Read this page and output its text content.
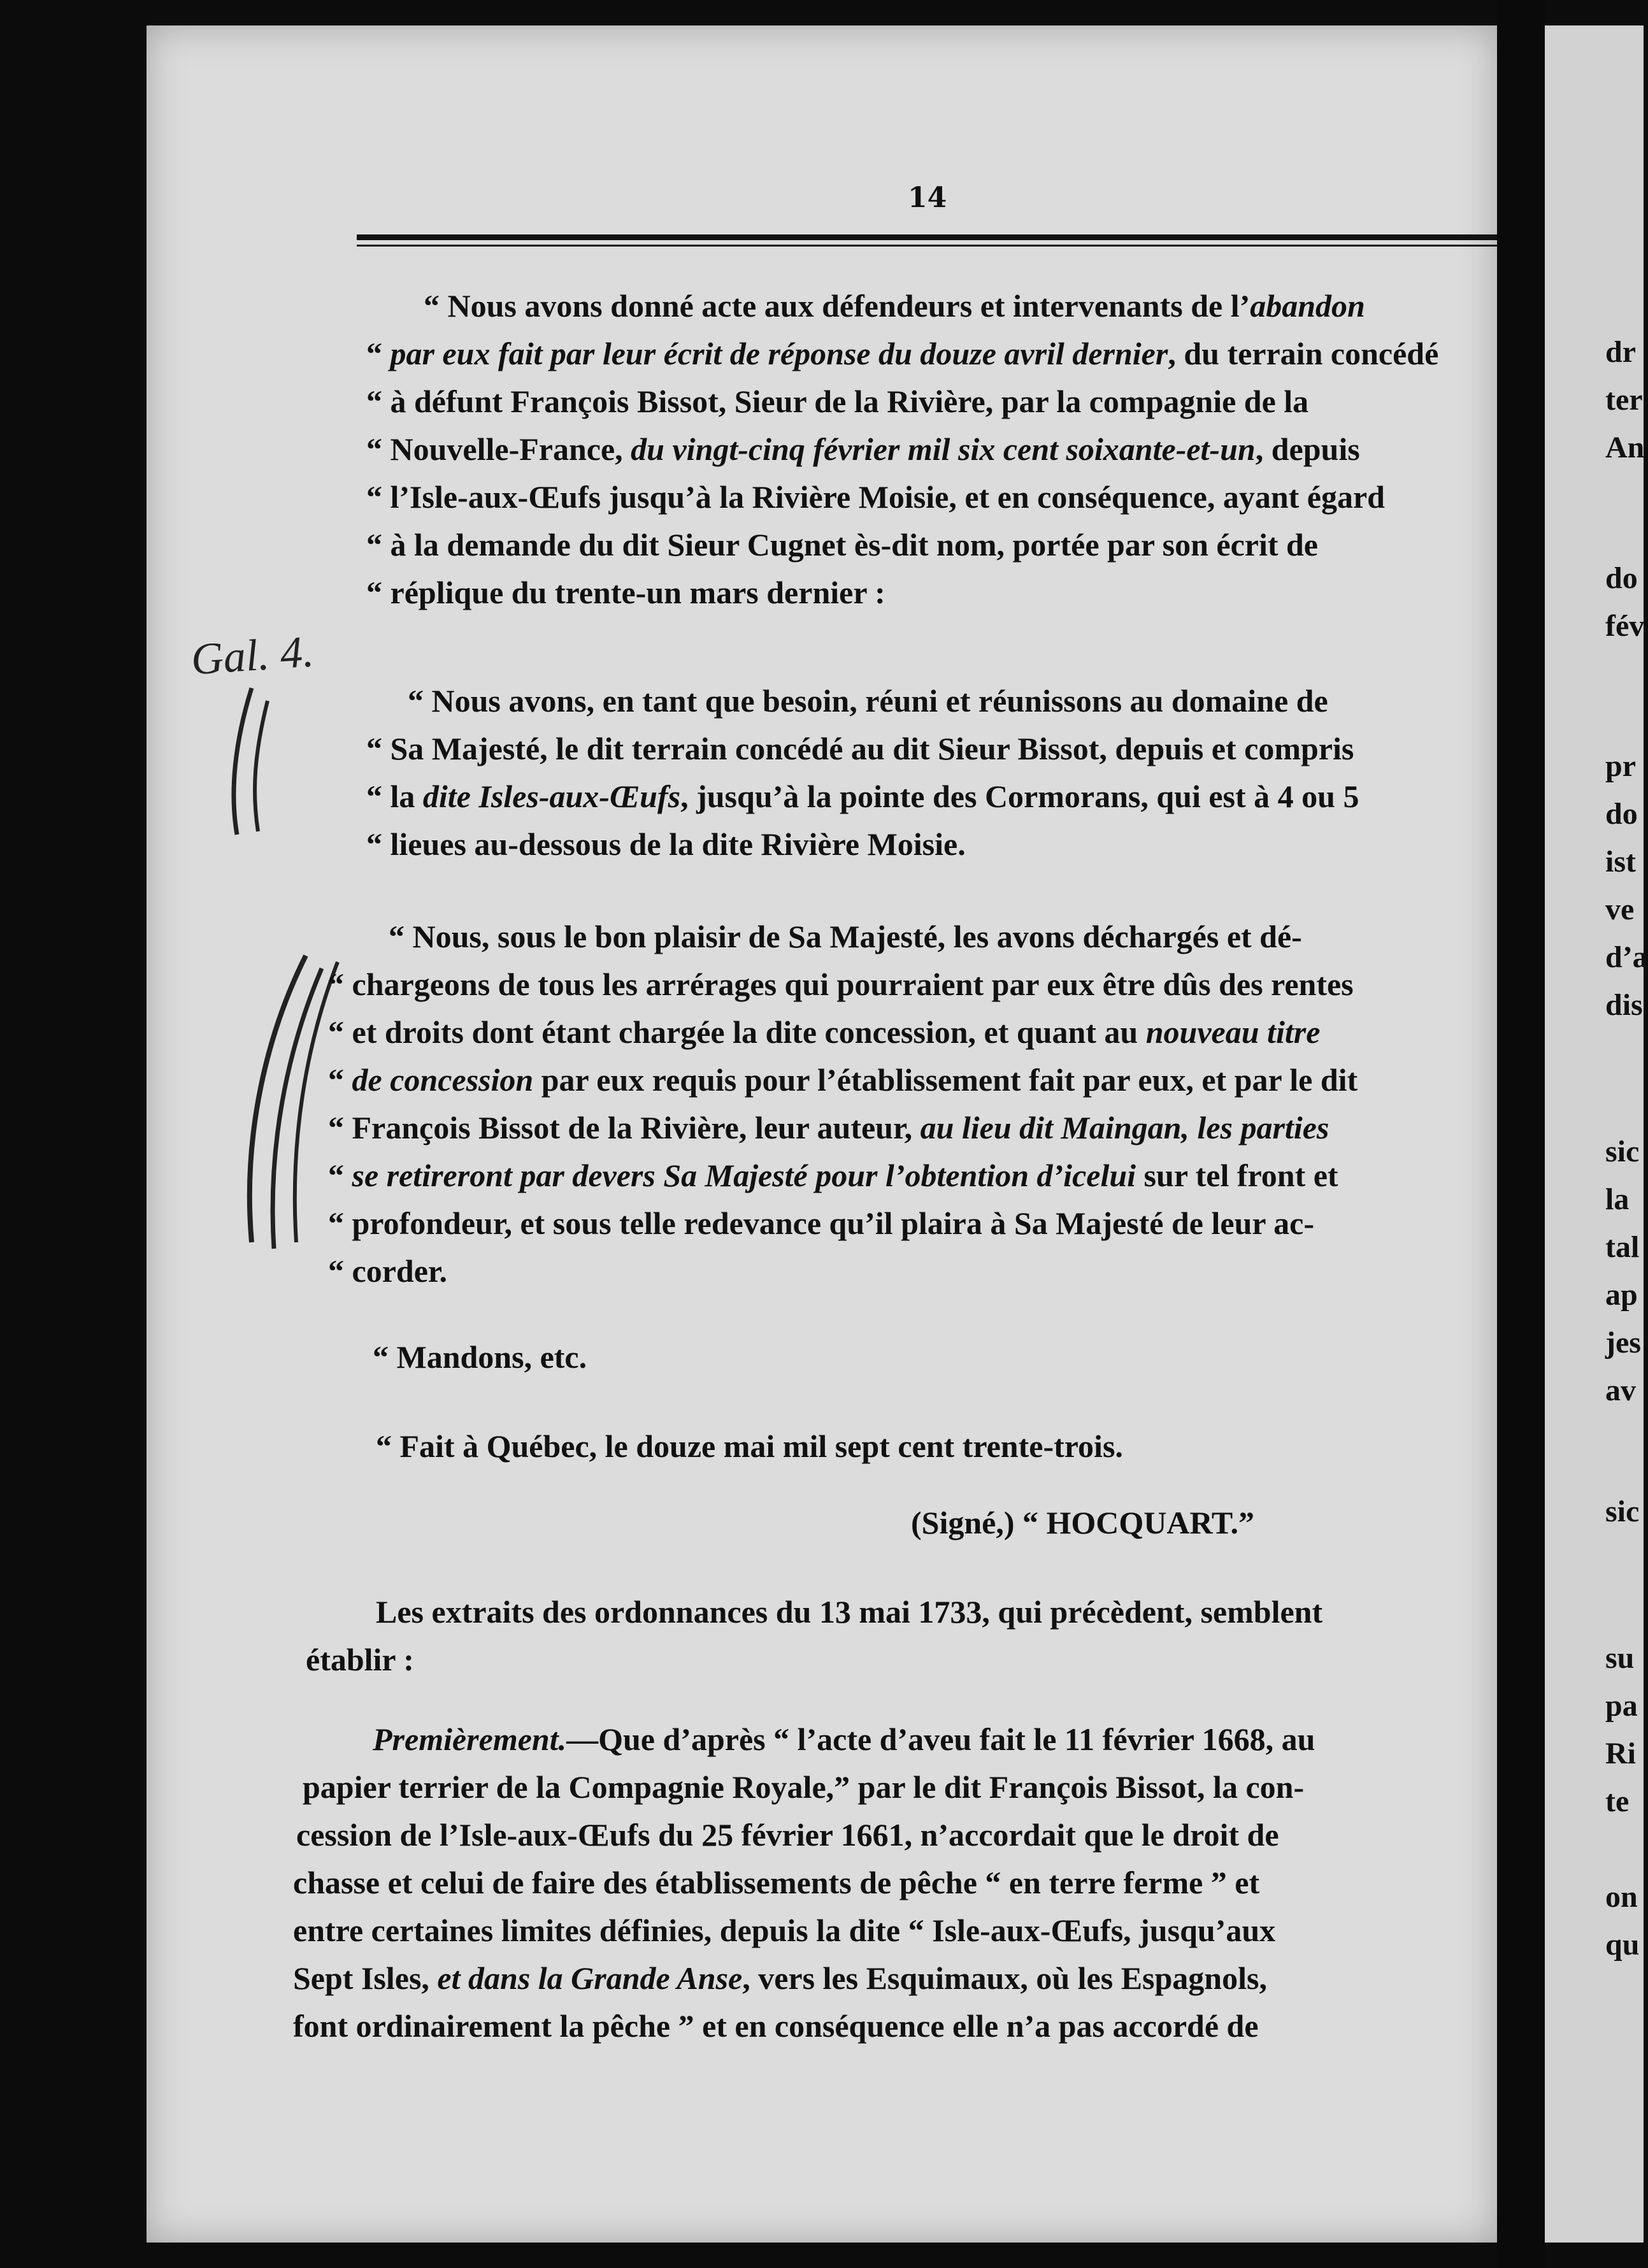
14
Gal. 4.
“ Nous avons donné acte aux défendeurs et intervenants de l’abandon
“ par eux fait par leur écrit de réponse du douze avril dernier, du terrain concédé
“ à défunt François Bissot, Sieur de la Rivière, par la compagnie de la
“ Nouvelle-France, du vingt-cinq février mil six cent soixante-et-un, depuis
“ l’Isle-aux-Œufs jusqu’à la Rivière Moisie, et en conséquence, ayant égard
“ à la demande du dit Sieur Cugnet ès-dit nom, portée par son écrit de
“ réplique du trente-un mars dernier :
“ Nous avons, en tant que besoin, réuni et réunissons au domaine de
“ Sa Majesté, le dit terrain concédé au dit Sieur Bissot, depuis et compris
“ la dite Isles-aux-Œufs, jusqu’à la pointe des Cormorans, qui est à 4 ou 5
“ lieues au-dessous de la dite Rivière Moisie.
“ Nous, sous le bon plaisir de Sa Majesté, les avons déchargés et dé-
“ chargeons de tous les arrérages qui pourraient par eux être dûs des rentes
“ et droits dont étant chargée la dite concession, et quant au nouveau titre
“ de concession par eux requis pour l’établissement fait par eux, et par le dit
“ François Bissot de la Rivière, leur auteur, au lieu dit Maingan, les parties
“ se retireront par devers Sa Majesté pour l’obtention d’icelui sur tel front et
“ profondeur, et sous telle redevance qu’il plaira à Sa Majesté de leur ac-
“ corder.
“ Mandons, etc.
“ Fait à Québec, le douze mai mil sept cent trente-trois.
(Signé,) “ HOCQUART.”
Les extraits des ordonnances du 13 mai 1733, qui précèdent, semblent
établir :
Premièrement.—Que d’après “ l’acte d’aveu fait le 11 février 1668, au
papier terrier de la Compagnie Royale,” par le dit François Bissot, la con-
cession de l’Isle-aux-Œufs du 25 février 1661, n’accordait que le droit de
chasse et celui de faire des établissements de pêche “ en terre ferme ” et
entre certaines limites définies, depuis la dite “ Isle-aux-Œufs, jusqu’aux
Sept Isles, et dans la Grande Anse, vers les Esquimaux, où les Espagnols,
font ordinairement la pêche ” et en conséquence elle n’a pas accordé de
dr
ter
An
do
fév
pr
do
ist
ve
d’a
dis
sic
la
tal
ap
jes
av
sic
su
pa
Ri
te
on
qu
